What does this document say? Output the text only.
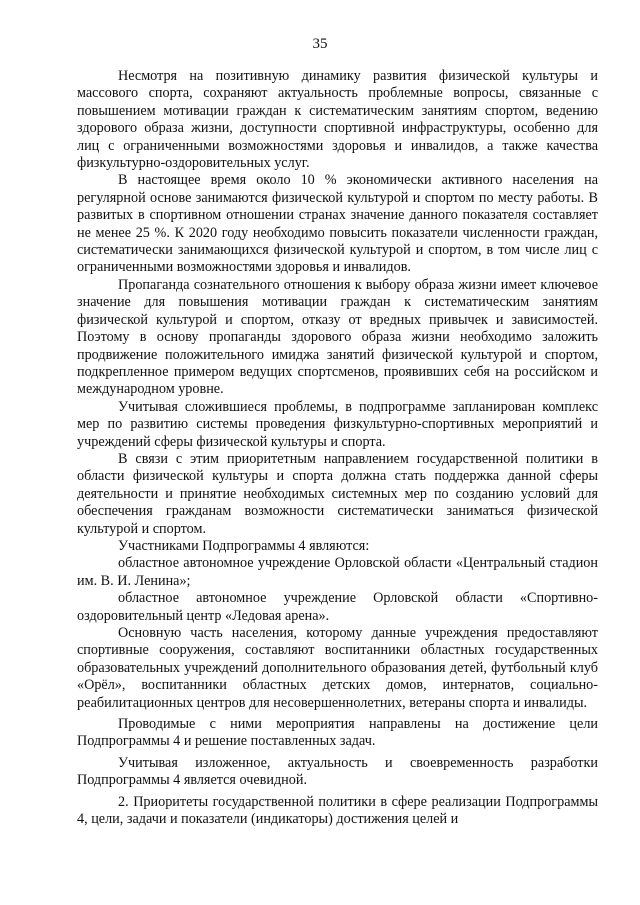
35

Несмотря на позитивную динамику развития физической культуры и массового спорта, сохраняют актуальность проблемные вопросы, связанные с повышением мотивации граждан к систематическим занятиям спортом, ведению здорового образа жизни, доступности спортивной инфраструктуры, особенно для лиц с ограниченными возможностями здоровья и инвалидов, а также качества физкультурно-оздоровительных услуг.

В настоящее время около 10 % экономически активного населения на регулярной основе занимаются физической культурой и спортом по месту работы. В развитых в спортивном отношении странах значение данного показателя составляет не менее 25 %. К 2020 году необходимо повысить показатели численности граждан, систематически занимающихся физической культурой и спортом, в том числе лиц с ограниченными возможностями здоровья и инвалидов.

Пропаганда сознательного отношения к выбору образа жизни имеет ключевое значение для повышения мотивации граждан к систематическим занятиям физической культурой и спортом, отказу от вредных привычек и зависимостей. Поэтому в основу пропаганды здорового образа жизни необходимо заложить продвижение положительного имиджа занятий физической культурой и спортом, подкрепленное примером ведущих спортсменов, проявивших себя на российском и международном уровне.

Учитывая сложившиеся проблемы, в подпрограмме запланирован комплекс мер по развитию системы проведения физкультурно-спортивных мероприятий и учреждений сферы физической культуры и спорта.

В связи с этим приоритетным направлением государственной политики в области физической культуры и спорта должна стать поддержка данной сферы деятельности и принятие необходимых системных мер по созданию условий для обеспечения гражданам возможности систематически заниматься физической культурой и спортом.

Участниками Подпрограммы 4 являются:

областное автономное учреждение Орловской области «Центральный стадион им. В. И. Ленина»;

областное автономное учреждение Орловской области «Спортивно-оздоровительный центр «Ледовая арена».

Основную часть населения, которому данные учреждения предоставляют спортивные сооружения, составляют воспитанники областных государственных образовательных учреждений дополнительного образования детей, футбольный клуб «Орёл», воспитанники областных детских домов, интернатов, социально-реабилитационных центров для несовершеннолетних, ветераны спорта и инвалиды.

Проводимые с ними мероприятия направлены на достижение цели Подпрограммы 4 и решение поставленных задач.

Учитывая изложенное, актуальность и своевременность разработки Подпрограммы 4 является очевидной.

2. Приоритеты государственной политики в сфере реализации Подпрограммы 4, цели, задачи и показатели (индикаторы) достижения целей и
